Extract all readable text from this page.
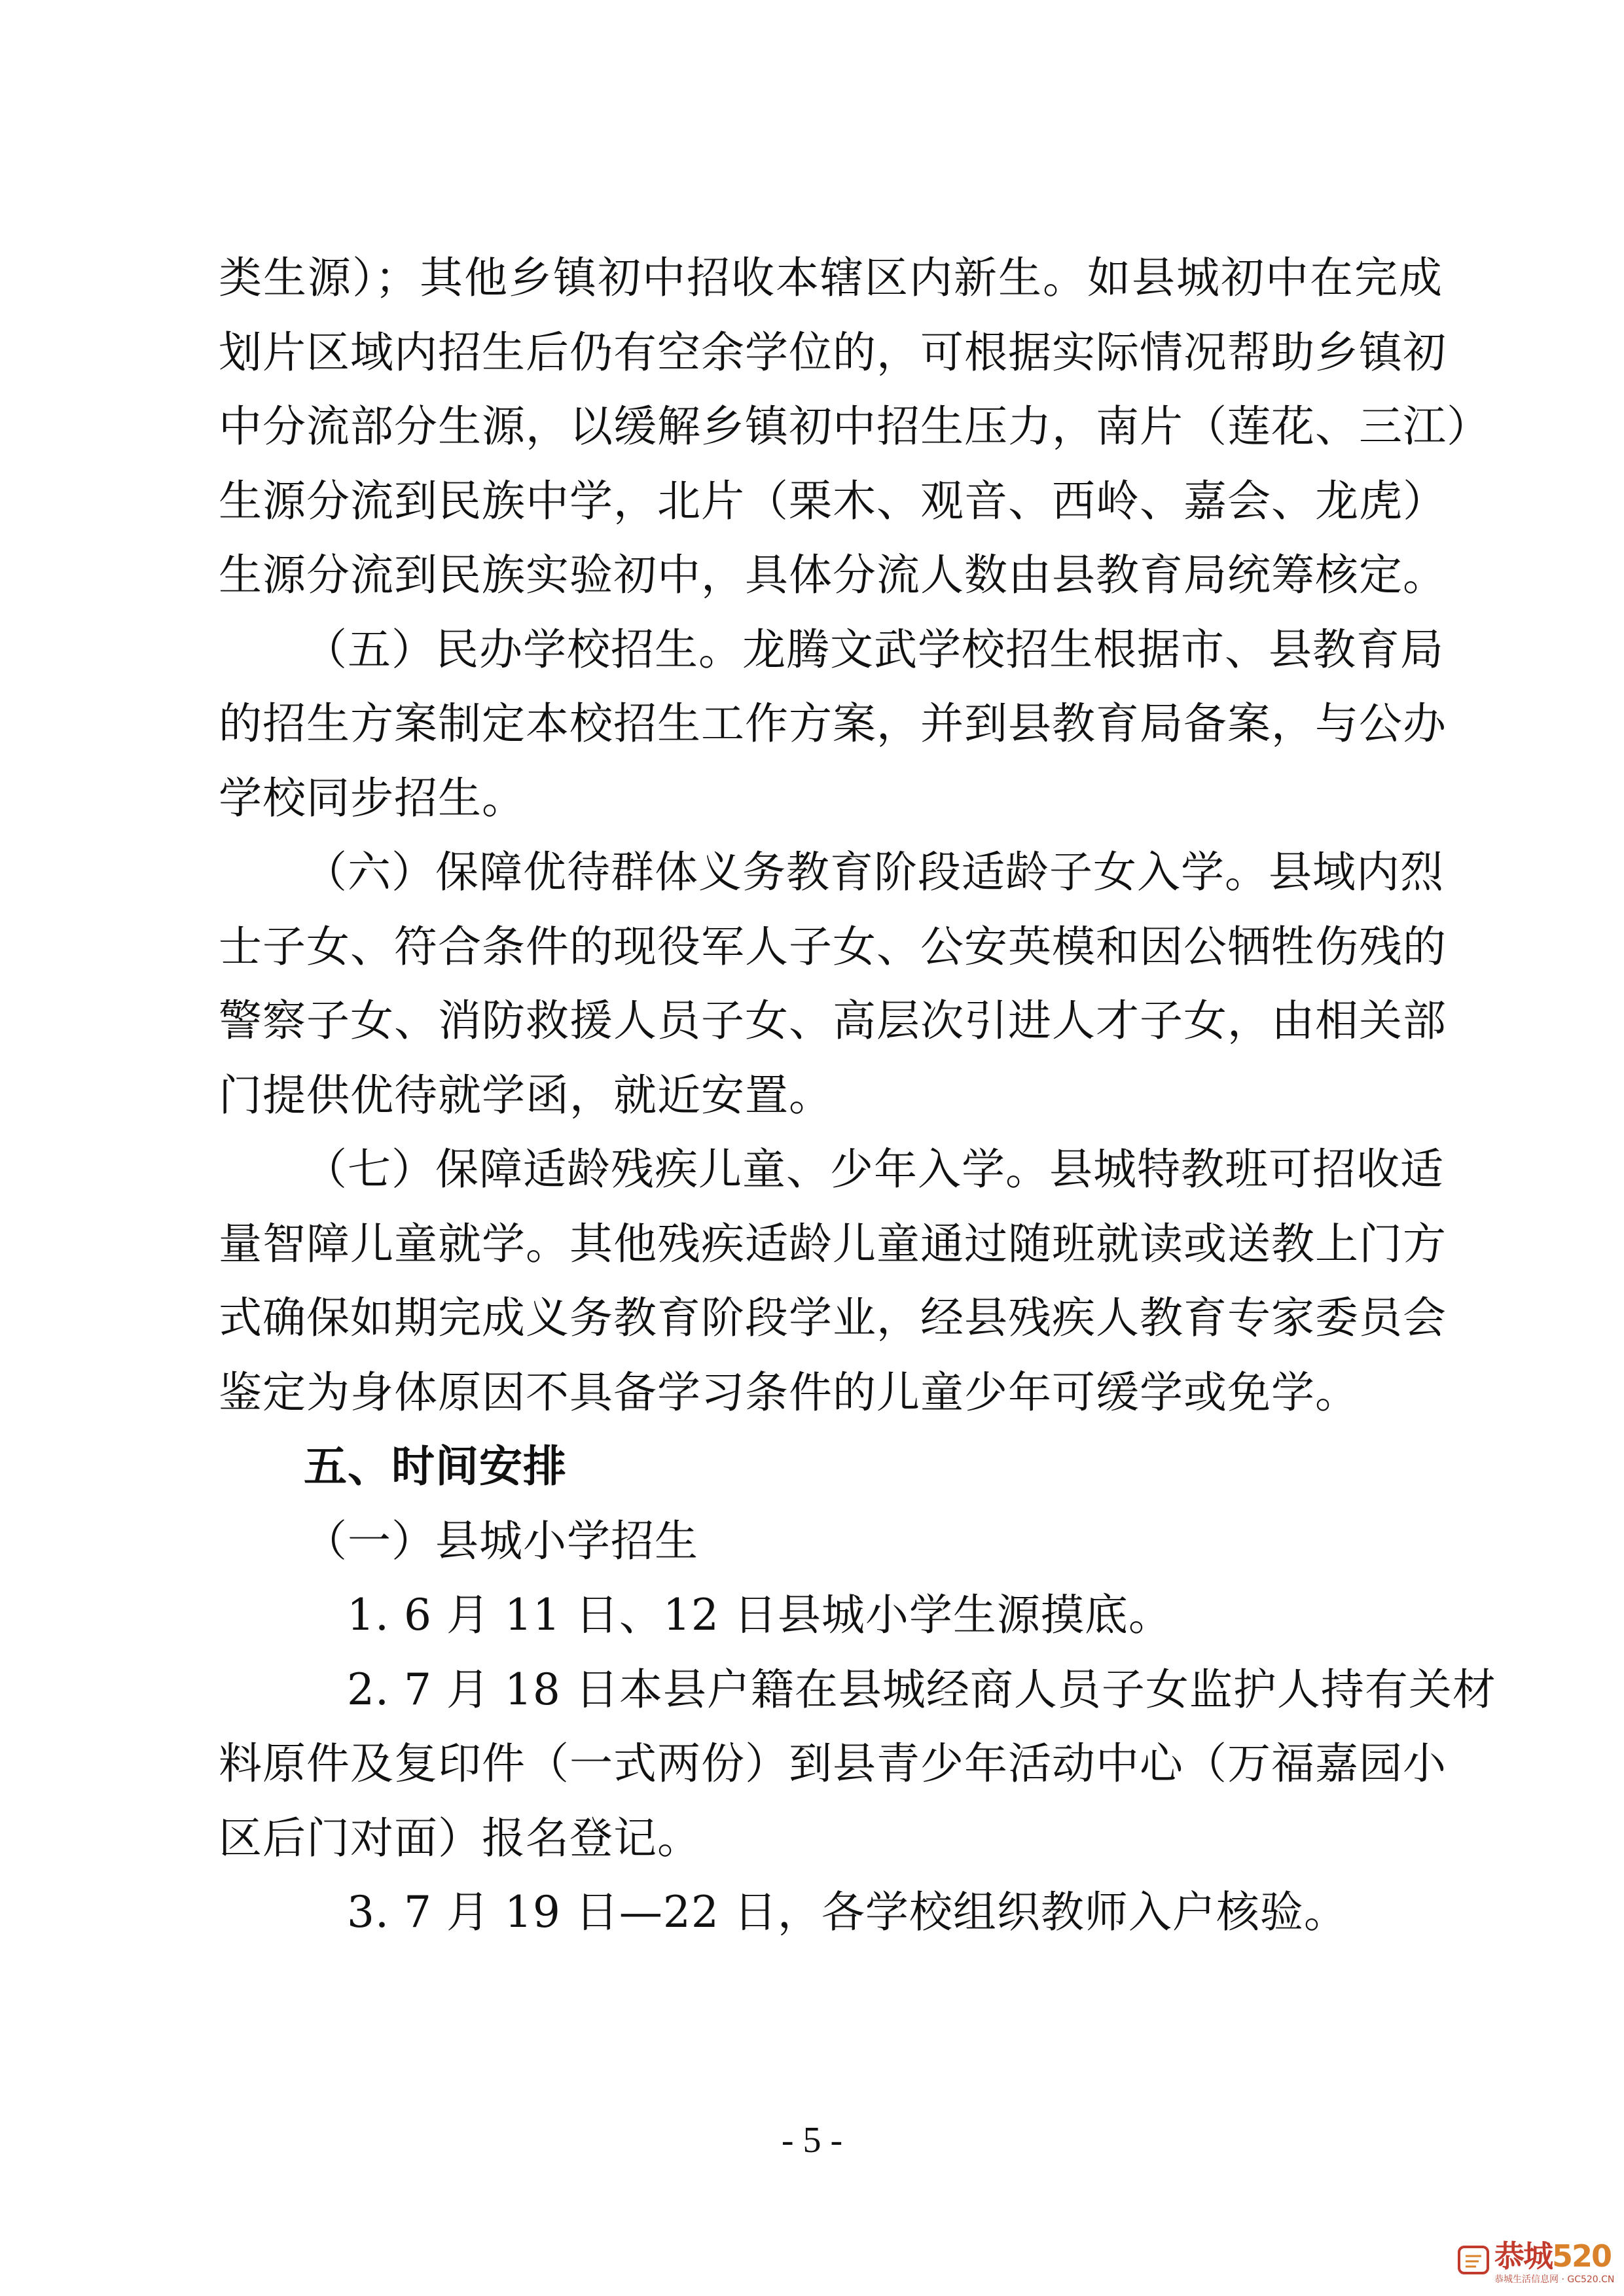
类生源）；其他乡镇初中招收本辖区内新生。如县城初中在完成
划片区域内招生后仍有空余学位的，可根据实际情况帮助乡镇初
中分流部分生源，以缓解乡镇初中招生压力，南片（莲花、三江）
生源分流到民族中学，北片（栗木、观音、西岭、嘉会、龙虎）
生源分流到民族实验初中，具体分流人数由县教育局统筹核定。
（五）民办学校招生。龙腾文武学校招生根据市、县教育局
的招生方案制定本校招生工作方案，并到县教育局备案，与公办
学校同步招生。
（六）保障优待群体义务教育阶段适龄子女入学。县域内烈
士子女、符合条件的现役军人子女、公安英模和因公牺牲伤残的
警察子女、消防救援人员子女、高层次引进人才子女，由相关部
门提供优待就学函，就近安置。
（七）保障适龄残疾儿童、少年入学。县城特教班可招收适
量智障儿童就学。其他残疾适龄儿童通过随班就读或送教上门方
式确保如期完成义务教育阶段学业，经县残疾人教育专家委员会
鉴定为身体原因不具备学习条件的儿童少年可缓学或免学。
五、时间安排
（一）县城小学招生
1. 6 月 11 日、12 日县城小学生源摸底。
2. 7 月 18 日本县户籍在县城经商人员子女监护人持有关材
料原件及复印件（一式两份）到县青少年活动中心（万福嘉园小
区后门对面）报名登记。
3. 7 月 19 日—22 日，各学校组织教师入户核验。
- 5 -
恭城520
恭城生活信息网 · GC520.CN
